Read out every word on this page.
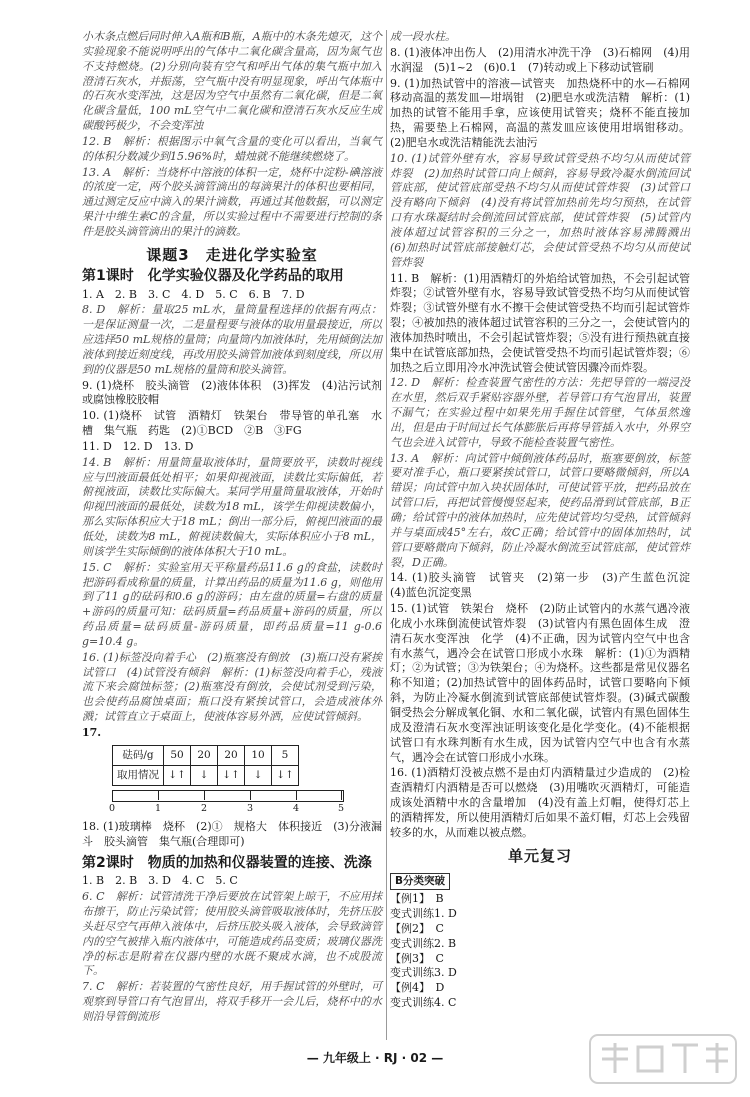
小木条点燃后同时伸入A瓶和B瓶，A瓶中的木条先熄灭，这个实验现象不能说明呼出的气体中二氧化碳含量高，因为氮气也不支持燃烧。(2)分别向装有空气和呼出气体的集气瓶中加入澄清石灰水，并振荡，空气瓶中没有明显现象，呼出气体瓶中的石灰水变浑浊，这是因为空气中虽然有二氧化碳，但是二氧化碳含量低，100 mL空气中二氧化碳和澄清石灰水反应生成碳酸钙极少，不会变浑浊

12. B　解析：根据图示中氧气含量的变化可以看出，当氧气的体积分数减少到15.96%时，蜡烛就不能继续燃烧了。

13. A　解析：当烧杯中溶液的体积一定，烧杯中淀粉-碘溶液的浓度一定，两个胶头滴管滴出的每滴果汁的体积也要相同，通过测定反应中滴入的果汁滴数，再通过其他数据，可以测定果汁中维生素C的含量，所以实验过程中不需要进行控制的条件是胶头滴管滴出的果汁的滴数。

课题3　走进化学实验室
第1课时　化学实验仪器及化学药品的取用

1. A　2. B　3. C　4. D　5. C　6. B　7. D

8. D　解析：量取25 mL水，量筒量程选择的依据有两点：一是保证测量一次，二是量程要与液体的取用量最接近，所以应选择50 mL规格的量筒；向量筒内加液体时，先用倾倒法加液体到接近刻度线，再改用胶头滴管加液体到刻度线，所以用到的仪器是50 mL规格的量筒和胶头滴管。

9. (1)烧杯　胶头滴管　(2)液体体积　(3)挥发　(4)沾污试剂或腐蚀橡胶胶帽

10. (1)烧杯　试管　酒精灯　铁架台　带导管的单孔塞　水槽　集气瓶　药匙　(2)①BCD　②B　③FG

11. D　12. D　13. D

14. B　解析：用量筒量取液体时，量筒要放平，读数时视线应与凹液面最低处相平；如果仰视液面，读数比实际偏低，若俯视液面，读数比实际偏大。某同学用量筒量取液体，开始时仰视凹液面的最低处，读数为18 mL，该学生仰视读数偏小，那么实际体积应大于18 mL；倒出一部分后，俯视凹液面的最低处，读数为8 mL，俯视读数偏大，实际体积应小于8 mL，则该学生实际倾倒的液体体积大于10 mL。

15. C　解析：实验室用天平称量药品11.6 g的食盐，读数时把游码看成称量的质量，计算出药品的质量为11.6 g，则他用到了11 g的砝码和0.6 g的游码；由左盘的质量=右盘的质量+游码的质量可知：砝码质量=药品质量+游码的质量，所以药品质量=砝码质量-游码质量，即药品质量=11 g-0.6 g=10.4 g。

16. (1)标签没向着手心　(2)瓶塞没有倒放　(3)瓶口没有紧挨试管口　(4)试管没有倾斜　解析：(1)标签没向着手心，残液流下来会腐蚀标签；(2)瓶塞没有倒放，会使试剂受到污染，也会使药品腐蚀桌面；瓶口没有紧挨试管口，会造成液体外溅；试管直立于桌面上，使液体容易外洒，应使试管倾斜。

17.
砝码/g	50	20	20	10	5
取用情况	↓↑	↓	↓↑	↓	↓↑
0	1	2	3	4	5

18. (1)玻璃棒　烧杯　(2)①　规格大　体积接近　(3)分液漏斗　胶头滴管　集气瓶(合理即可)

第2课时　物质的加热和仪器装置的连接、洗涤

1. B　2. B　3. D　4. C　5. C

6. C　解析：试管清洗干净后要放在试管架上晾干，不应用抹布擦干，防止污染试管；使用胶头滴管吸取液体时，先挤压胶头赶尽空气再伸入液体中，后挤压胶头吸入液体，会导致滴管内的空气被排入瓶内液体中，可能造成药品变质；玻璃仪器洗净的标志是附着在仪器内壁的水既不聚成水滴，也不成股流下。

7. C　解析：若装置的气密性良好，用手握试管的外壁时，可观察到导管口有气泡冒出，将双手移开一会儿后，烧杯中的水则沿导管倒流形

成一段水柱。

8. (1)液体冲出伤人　(2)用清水冲洗干净　(3)石棉网　(4)用水润湿　(5)1~2　(6)0.1　(7)转动或上下移动试管刷

9. (1)加热试管中的溶液—试管夹　加热烧杯中的水—石棉网　移动高温的蒸发皿—坩埚钳　(2)肥皂水或洗洁精　解析：(1)加热的试管不能用手拿，应该使用试管夹；烧杯不能直接加热，需要垫上石棉网，高温的蒸发皿应该使用坩埚钳移动。(2)肥皂水或洗洁精能洗去油污

10. (1)试管外壁有水，容易导致试管受热不均匀从而使试管炸裂　(2)加热时试管口向上倾斜，容易导致冷凝水倒流回试管底部，使试管底部受热不均匀从而使试管炸裂　(3)试管口没有略向下倾斜　(4)没有将试管加热前先均匀预热，在试管口有水珠凝结时会倒流回试管底部，使试管炸裂　(5)试管内液体超过试管容积的三分之一，加热时液体容易沸腾溅出　(6)加热时试管底部接触灯芯，会使试管受热不均匀从而使试管炸裂

11. B　解析：(1)用酒精灯的外焰给试管加热，不会引起试管炸裂；②试管外壁有水，容易导致试管受热不均匀从而使试管炸裂；③试管外壁有水不擦干会使试管受热不均而引起试管炸裂；④被加热的液体超过试管容积的三分之一，会使试管内的液体加热时喷出，不会引起试管炸裂；⑤没有进行预热就直接集中在试管底部加热，会使试管受热不均而引起试管炸裂；⑥加热之后立即用冷水冲洗试管会使试管因骤冷而炸裂。

12. D　解析：检查装置气密性的方法：先把导管的一端浸没在水里，然后双手紧贴容器外壁，若导管口有气泡冒出，装置不漏气；在实验过程中如果先用手握住试管壁，气体虽然逸出，但是由于时间过长气体膨胀后再将导管插入水中，外界空气也会进入试管中，导致不能检查装置气密性。

13. A　解析：向试管中倾倒液体药品时，瓶塞要倒放，标签要对准手心，瓶口要紧挨试管口，试管口要略微倾斜，所以A错误；向试管中加入块状固体时，可使试管平放，把药品放在试管口后，再把试管慢慢竖起来，使药品滑到试管底部，B正确；给试管中的液体加热时，应先使试管均匀受热，试管倾斜并与桌面成45°左右，故C正确；给试管中的固体加热时，试管口要略微向下倾斜，防止冷凝水倒流至试管底部，使试管炸裂，D正确。

14. (1)胶头滴管　试管夹　(2)第一步　(3)产生蓝色沉淀　(4)蓝色沉淀变黑

15. (1)试管　铁架台　烧杯　(2)防止试管内的水蒸气遇冷液化成小水珠倒流使试管炸裂　(3)试管内有黑色固体生成　澄清石灰水变浑浊　化学　(4)不正确，因为试管内空气中也含有水蒸气，遇冷会在试管口形成小水珠　解析：(1)①为酒精灯；②为试管；③为铁架台；④为烧杯。这些都是常见仪器名称不知道；(2)加热试管中的固体药品时，试管口要略向下倾斜，为防止冷凝水倒流到试管底部使试管炸裂。(3)碱式碳酸铜受热会分解成氧化铜、水和二氧化碳，试管内有黑色固体生成及澄清石灰水变浑浊证明该变化是化学变化。(4)不能根据试管口有水珠判断有水生成，因为试管内空气中也含有水蒸气，遇冷会在试管口形成小水珠。

16. (1)酒精灯没被点燃不是由灯内酒精量过少造成的　(2)检查酒精灯内酒精是否可以燃烧　(3)用嘴吹灭酒精灯，可能造成该处酒精中水的含量增加　(4)没有盖上灯帽，使得灯芯上的酒精挥发，所以使用酒精灯后如果不盖灯帽，灯芯上会残留较多的水，从而难以被点燃。

单元复习
B分类突破

【例1】　B

变式训练1. D

【例2】　C

变式训练2. B

【例3】　C

变式训练3. D

【例4】　D

变式训练4. C

— 九年级上 · RJ · 02 —
